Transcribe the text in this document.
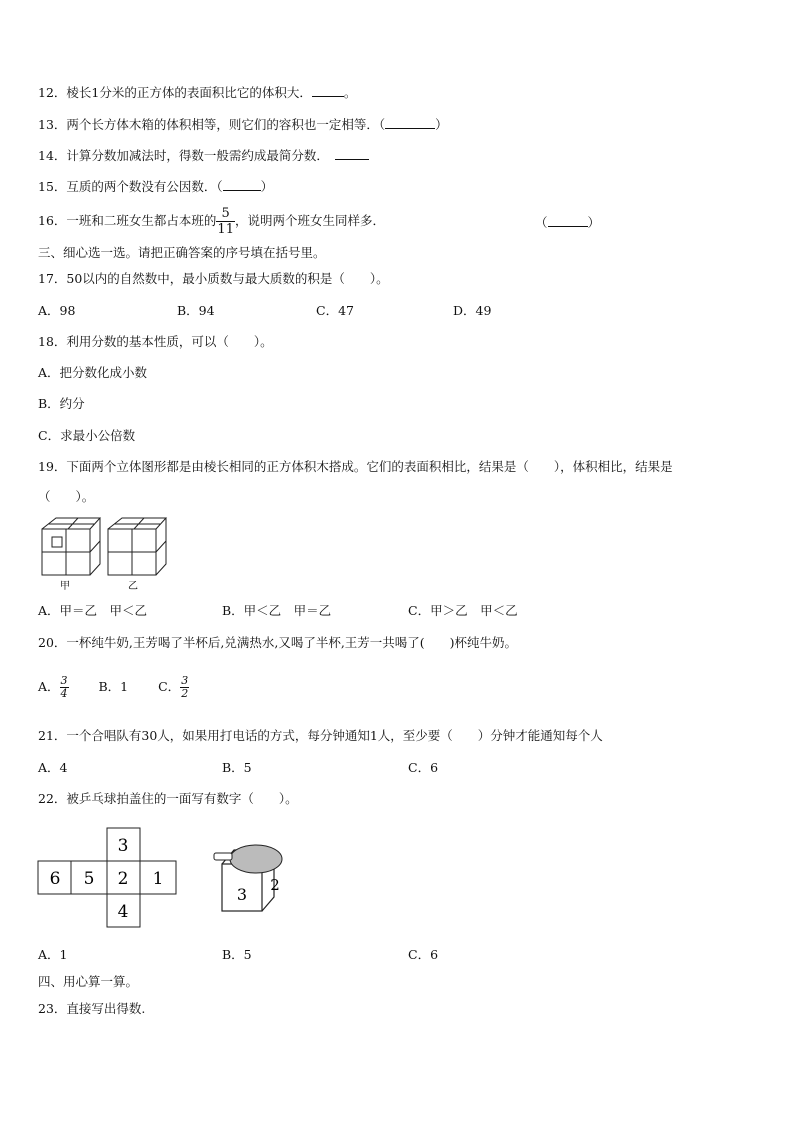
12．棱长1分米的正方体的表面积比它的体积大．	。
13．两个长方体木箱的体积相等，则它们的容积也一定相等．（	）
14．计算分数加减法时，得数一般需约成最简分数．
15．互质的两个数没有公因数．（	）
16．一班和二班女生都占本班的 $\frac{5}{11}$ ，说明两个班女生同样多．	（	）
三、细心选一选。请把正确答案的序号填在括号里。
17．50以内的自然数中，最小质数与最大质数的积是（　　）。
A．98	B．94	C．47	D．49
18．利用分数的基本性质，可以（　　）。
A．把分数化成小数
B．约分
C．求最小公倍数
19．下面两个立体图形都是由棱长相同的正方体积木搭成。它们的表面积相比，结果是（　　），体积相比，结果是
（　　）。
甲	乙
A．甲＝乙　甲＜乙	B．甲＜乙　甲＝乙	C．甲＞乙　甲＜乙
20．一杯纯牛奶,王芳喝了半杯后,兑满热水,又喝了半杯,王芳一共喝了(　　)杯纯牛奶。
A． $\frac{3}{4}$ B．1 C． $\frac{3}{2}$
21．一个合唱队有30人，如果用打电话的方式，每分钟通知1人，至少要（　　）分钟才能通知每个人
A．4	B．5	C．6
22．被乒乓球拍盖住的一面写有数字（　　）。
3
6 5 2 1
4
3 2
A．1	B．5	C．6
四、用心算一算。
23．直接写出得数.
